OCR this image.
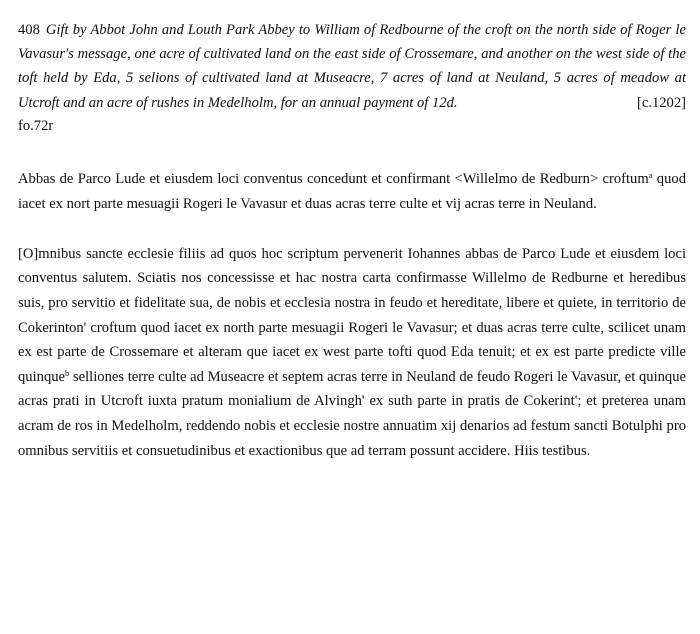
408 Gift by Abbot John and Louth Park Abbey to William of Redbourne of the croft on the north side of Roger le Vavasur's message, one acre of cultivated land on the east side of Crossemare, and another on the west side of the toft held by Eda, 5 selions of cultivated land at Museacre, 7 acres of land at Neuland, 5 acres of meadow at Utcroft and an acre of rushes in Medelholm, for an annual payment of 12d.	[c.1202]
fo.72r

Abbas de Parco Lude et eiusdem loci conventus concedunt et confirmant <Willelmo de Redburn> croftum$^a$ quod iacet ex nort parte mesuagii Rogeri le Vavasur et duas acras terre culte et vij acras terre in Neuland.

[O]mnibus sancte ecclesie filiis ad quos hoc scriptum pervenerit Iohannes abbas de Parco Lude et eiusdem loci conventus salutem. Sciatis nos concessisse et hac nostra carta confirmasse Willelmo de Redburne et heredibus suis, pro servitio et fidelitate sua, de nobis et ecclesia nostra in feudo et hereditate, libere et quiete, in territorio de Cokerinton' croftum quod iacet ex north parte mesuagii Rogeri le Vavasur; et duas acras terre culte, scilicet unam ex est parte de Crossemare et alteram que iacet ex west parte tofti quod Eda tenuit; et ex est parte predicte ville quinque$^b$ selliones terre culte ad Museacre et septem acras terre in Neuland de feudo Rogeri le Vavasur, et quinque acras prati in Utcroft iuxta pratum monialium de Alvingh' ex suth parte in pratis de Cokerint'; et preterea unam acram de ros in Medelholm, reddendo nobis et ecclesie nostre annuatim xij denarios ad festum sancti Botulphi pro omnibus servitiis et consuetudinibus et exactionibus que ad terram possunt accidere. Hiis testibus.
